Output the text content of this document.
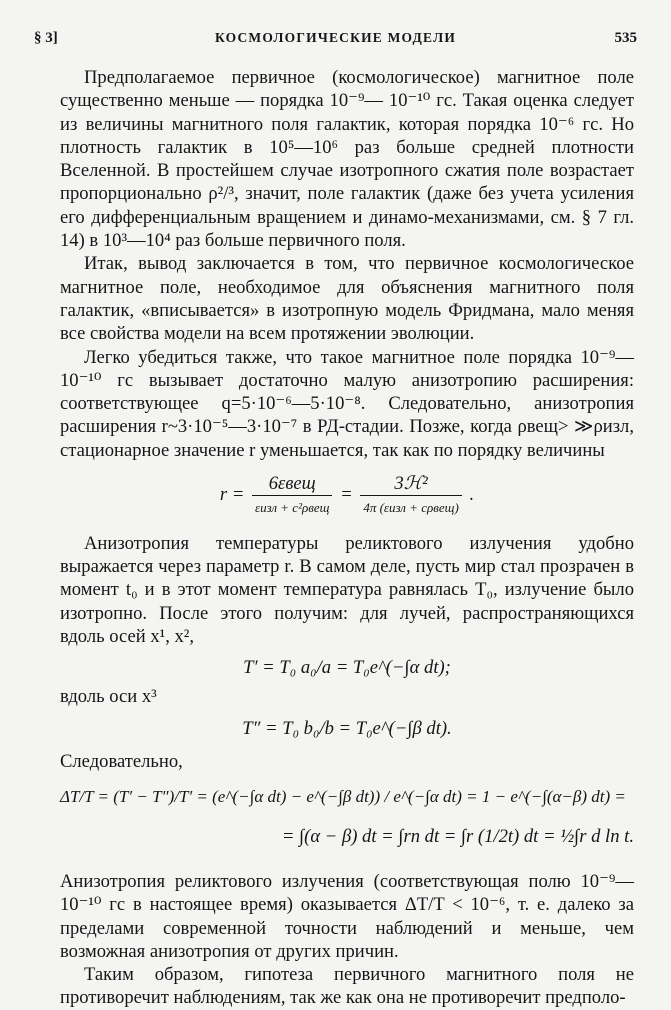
§ 3]	КОСМОЛОГИЧЕСКИЕ МОДЕЛИ	535

Предполагаемое первичное (космологическое) магнитное поле существенно меньше — порядка 10⁻⁹— 10⁻¹⁰ гс. Такая оценка следует из величины магнитного поля галактик, которая порядка 10⁻⁶ гс. Но плотность галактик в 10⁵—10⁶ раз больше средней плотности Вселенной. В простейшем случае изотропного сжатия поле возрастает пропорционально ρ²/³, значит, поле галактик (даже без учета усиления его дифференциальным вращением и динамо-механизмами, см. § 7 гл. 14) в 10³—10⁴ раз больше первичного поля.

Итак, вывод заключается в том, что первичное космологическое магнитное поле, необходимое для объяснения магнитного поля галактик, «вписывается» в изотропную модель Фридмана, мало меняя все свойства модели на всем протяжении эволюции.

Легко убедиться также, что такое магнитное поле порядка 10⁻⁹— 10⁻¹⁰ гс вызывает достаточно малую анизотропию расширения: соответствующее q=5·10⁻⁶—5·10⁻⁸. Следовательно, анизотропия расширения r~3·10⁻⁵—3·10⁻⁷ в РД-стадии. Позже, когда ρвещ> ≫ρизл, стационарное значение r уменьшается, так как по порядку величины

$r = \frac{\text{6εвещ}}{\text{εизл + c²ρвещ}} = \frac{\text{3ℋ²}}{\text{4π (εизл + cρвещ)}}$ .

Анизотропия температуры реликтового излучения удобно выражается через параметр r. В самом деле, пусть мир стал прозрачен в момент t₀ и в этот момент температура равнялась T₀, излучение было изотропно. После этого получим: для лучей, распространяющихся вдоль осей x¹, x²,

T′ = T₀ a₀/a = T₀e^(−∫α dt);
вдоль оси x³
T″ = T₀ b₀/b = T₀e^(−∫β dt).
Следовательно,
ΔT/T = (T′ − T″)/T′ = (e^(−∫α dt) − e^(−∫β dt)) / e^(−∫α dt) = 1 − e^(−∫(α−β) dt) =
= ∫(α − β) dt = ∫rn dt = ∫r (1/2t) dt = ½∫r d ln t.

Анизотропия реликтового излучения (соответствующая полю 10⁻⁹— 10⁻¹⁰ гс в настоящее время) оказывается ΔT/T < 10⁻⁶, т. е. далеко за пределами современной точности наблюдений и меньше, чем возможная анизотропия от других причин.

Таким образом, гипотеза первичного магнитного поля не противоречит наблюдениям, так же как она не противоречит предполо-
